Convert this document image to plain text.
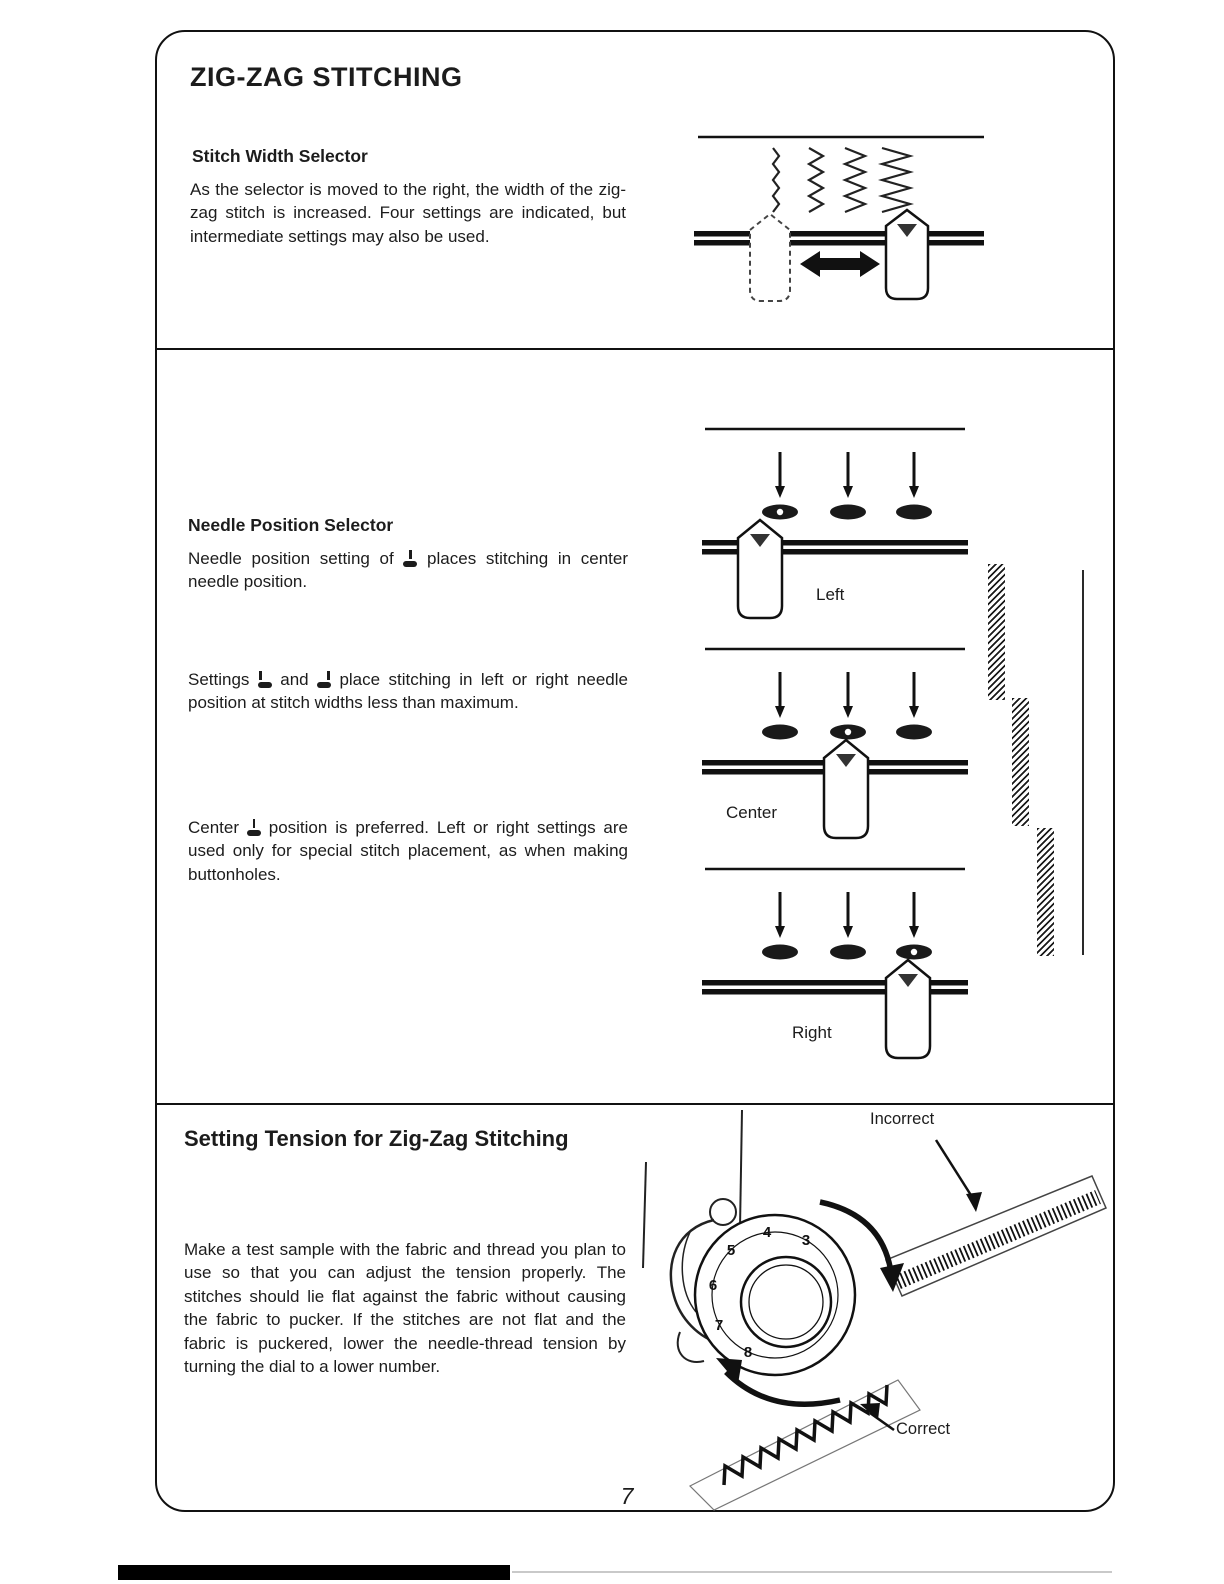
ZIG-ZAG STITCHING
Stitch Width Selector
As the selector is moved to the right, the width of the zig-zag stitch is increased. Four settings are indicated, but intermediate settings may also be used.
Needle Position Selector
Needle position setting of places stitching in center needle position.
Settings and place stitching in left or right needle position at stitch widths less than maximum.
Center position is preferred. Left or right settings are used only for special stitch placement, as when making buttonholes.
Left
Center
Right
Setting Tension for Zig-Zag Stitching
Make a test sample with the fabric and thread you plan to use so that you can adjust the tension properly. The stitches should lie flat against the fabric without causing the fabric to pucker. If the stitches are not flat and the fabric is puckered, lower the needle-thread tension by turning the dial to a lower number.
Incorrect
Correct
3
4
5
6
7
8
7
